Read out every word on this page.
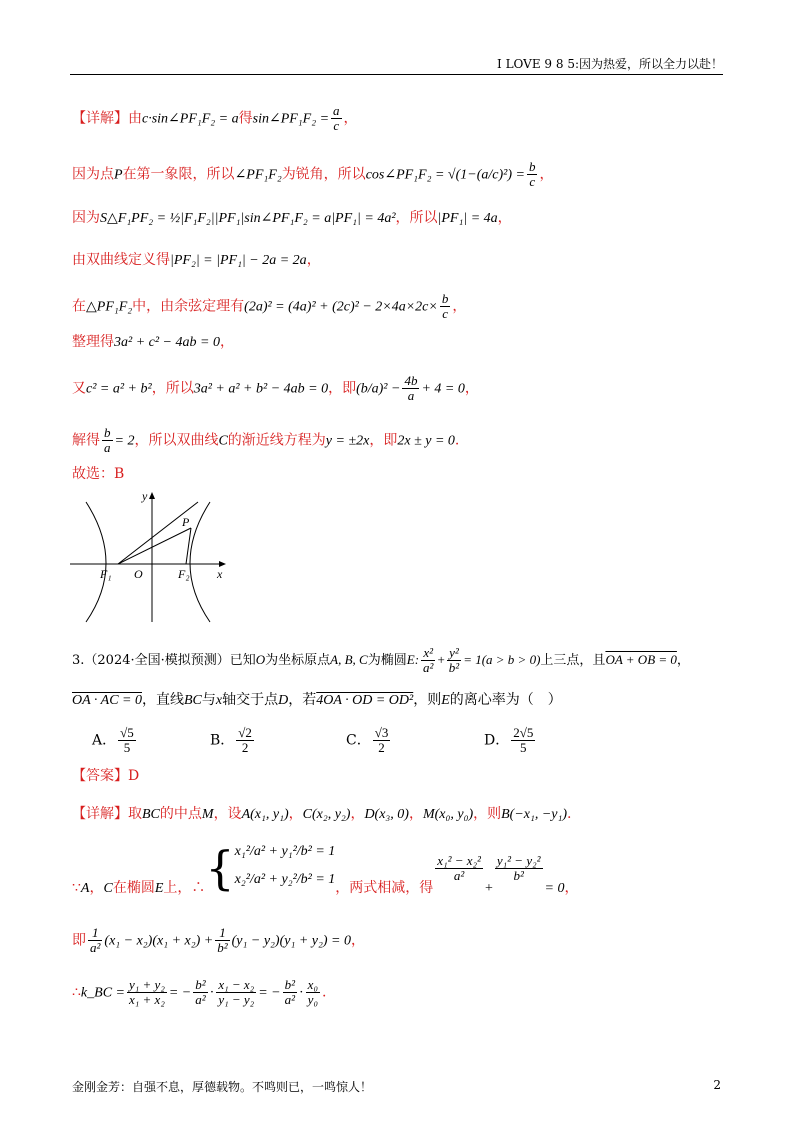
I LOVE 9 8 5:因为热爱，所以全力以赴！
【详解】由c·sin∠PF₁F₂ = a得sin∠PF₁F₂ = $\frac{a}{c}$ ，
因为点P在第一象限，所以∠PF₁F₂为锐角，所以cos∠PF₁F₂ = $√(1-(a/c)^2) = \frac{b}{c}$ ，
因为S△F₁PF₂ = ½|F₁F₂||PF₁|sin∠PF₁F₂ = a|PF₁| = 4a²，所以|PF₁| = 4a，
由双曲线定义得|PF₂| = |PF₁| − 2a = 2a，
在△PF₁F₂中，由余弦定理有$(2a)^2 = (4a)^2 + (2c)^2 - 2\times 4a\times 2c\times \frac{b}{c}$ ，
整理得3a² + c² − 4ab = 0，
又c² = a² + b²，所以3a² + a² + b² − 4ab = 0，即$(b/a)^2 - \frac{4b}{a} + 4 = 0$，
解得 $\frac{b}{a} = 2$，所以双曲线C的渐近线方程为y = ±2x，即2x ± y = 0.
故选：B
y
x
O
P
F₁	F₂
3.（2024·全国·模拟预测）已知O为坐标原点A, B, C为椭圆E: $\frac{\text{x²}}{\text{a²}} + \frac{\text{y²}}{\text{b²}} = 1(a > b > 0)$上三点，且OA + OB = 0，
OA · AC = 0，直线BC与x轴交于点D，若4OA · OD = OD²，则E的离心率为（　）
A． $\frac{√5}{5}$	B． $\frac{√2}{2}$	C． $\frac{√3}{2}$	D． $\frac{2√5}{5}$
【答案】D
【详解】取BC的中点M，设A(x₁, y₁)，C(x₂, y₂)，D(x₃, 0)，M(x₀, y₀)，则B(−x₁, −y₁).
∵A，C在椭圆E上，∴{ x₁²/a² + y₁²/b² = 1
x₂²/a² + y₂²/b² = 1
，两式相减，得
$\frac{\text{x₁² − x₂²}}{\text{a²}}$
+
$\frac{\text{y₁² − y₂²}}{\text{b²}}$
= 0，
即 $\frac{1}{\text{a²}} (x_1 - x_2)(x_1 + x_2) + \frac{1}{\text{b²}} (y_1 - y_2)(y_1 + y_2) = 0$，
∴k_BC = $\frac{\text{y₁ + y₂}}{\text{x₁ + x₂}}$ = − $\frac{\text{b²}}{\text{a²}} \cdot \frac{\text{x₁ − x₂}}{\text{y₁ − y₂}}$ = − $\frac{\text{b²}}{\text{a²}} \cdot \frac{\text{x₀}}{\text{y₀}}$ .
金刚金芳：自强不息，厚德载物。不鸣则已，一鸣惊人！	2
